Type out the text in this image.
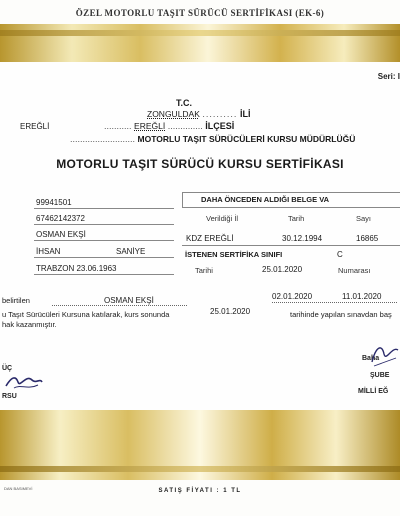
ÖZEL MOTORLU TAŞIT SÜRÜCÜ SERTİFİKASI (EK-6)
Seri: I
T.C.
ZONGULDAK .......... İLİ
........... EREĞLİ .............. İLÇESİ
EREĞLİ
.......................... MOTORLU TAŞIT SÜRÜCÜLERİ KURSU MÜDÜRLÜĞÜ
MOTORLU TAŞIT SÜRÜCÜ KURSU SERTİFİKASI
99941501
67462142372
OSMAN EKŞİ
İHSAN	SANİYE
TRABZON 23.06.1963
DAHA ÖNCEDEN ALDIĞI BELGE VA
Verildiği İl	Tarih	Sayı
KDZ EREĞLİ	30.12.1994	16865
İSTENEN SERTİFİKA SINIFI	C
Tarihi	25.01.2020	Numarası
belirtilen	OSMAN EKŞİ	02.01.2020	11.01.2020
u Taşıt Sürücüleri Kursuna katılarak, kurs sonunda	25.01.2020	tarihinde yapılan sınavdan baş
hak kazanmıştır.
ÜÇ
RSU
Baha
ŞUBE
MİLLİ EĞ
DAN BASIMEVİ	SATIŞ FİYATI : 1 TL
